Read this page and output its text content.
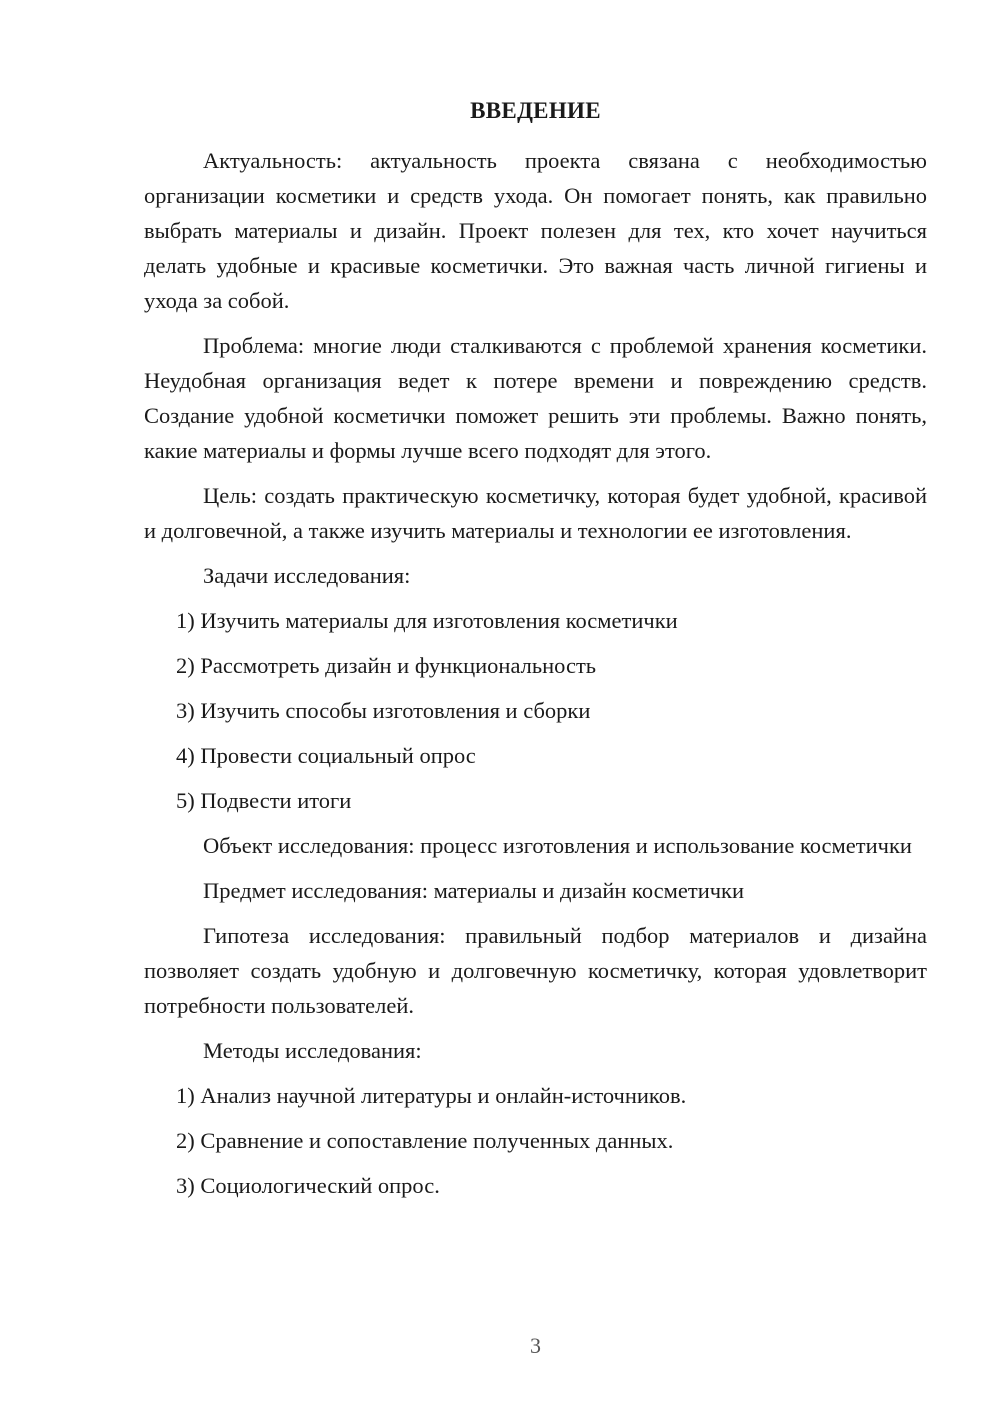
ВВЕДЕНИЕ

Актуальность: актуальность проекта связана с необходимостью организации косметики и средств ухода. Он помогает понять, как правильно выбрать материалы и дизайн. Проект полезен для тех, кто хочет научиться делать удобные и красивые косметички. Это важная часть личной гигиены и ухода за собой.

Проблема: многие люди сталкиваются с проблемой хранения косметики. Неудобная организация ведет к потере времени и повреждению средств. Создание удобной косметички поможет решить эти проблемы. Важно понять, какие материалы и формы лучше всего подходят для этого.

Цель: создать практическую косметичку, которая будет удобной, красивой и долговечной, а также изучить материалы и технологии ее изготовления.

Задачи исследования:

1) Изучить материалы для изготовления косметички
2) Рассмотреть дизайн и функциональность
3) Изучить способы изготовления и сборки
4) Провести социальный опрос
5) Подвести итоги

Объект исследования: процесс изготовления и использование косметички

Предмет исследования: материалы и дизайн косметички

Гипотеза исследования: правильный подбор материалов и дизайна позволяет создать удобную и долговечную косметичку, которая удовлетворит потребности пользователей.

Методы исследования:

1) Анализ научной литературы и онлайн-источников.
2) Сравнение и сопоставление полученных данных.
3) Социологический опрос.
3
